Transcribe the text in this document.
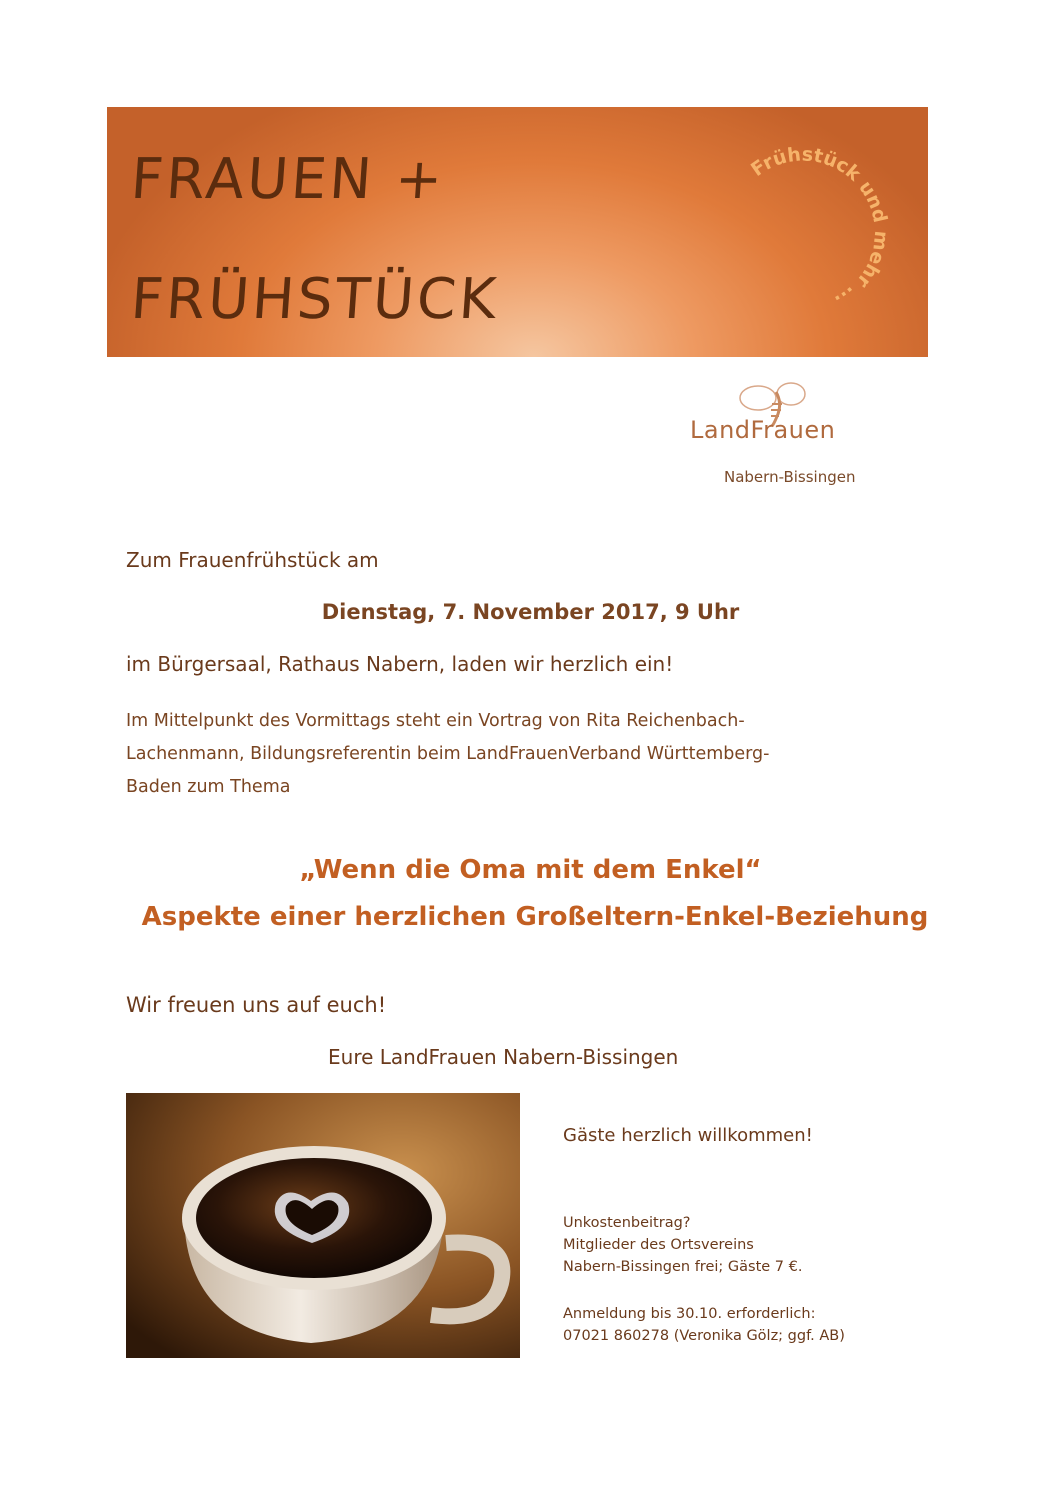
FRAUEN +
FRÜHSTÜCK
Frühstück und mehr ...
LandFrauen
Nabern-Bissingen
Zum Frauenfrühstück am
Dienstag, 7. November 2017, 9 Uhr
im Bürgersaal, Rathaus Nabern, laden wir herzlich ein!
Im Mittelpunkt des Vormittags steht ein Vortrag von Rita Reichenbach-
Lachenmann, Bildungsreferentin beim LandFrauenVerband Württemberg-
Baden zum Thema
„Wenn die Oma mit dem Enkel“
Aspekte einer herzlichen Großeltern-Enkel-Beziehung
Wir freuen uns auf euch!
Eure LandFrauen Nabern-Bissingen
Gäste herzlich willkommen!
Unkostenbeitrag?
Mitglieder des Ortsvereins
Nabern-Bissingen frei; Gäste 7 €.
Anmeldung bis 30.10. erforderlich:
07021 860278 (Veronika Gölz; ggf. AB)
